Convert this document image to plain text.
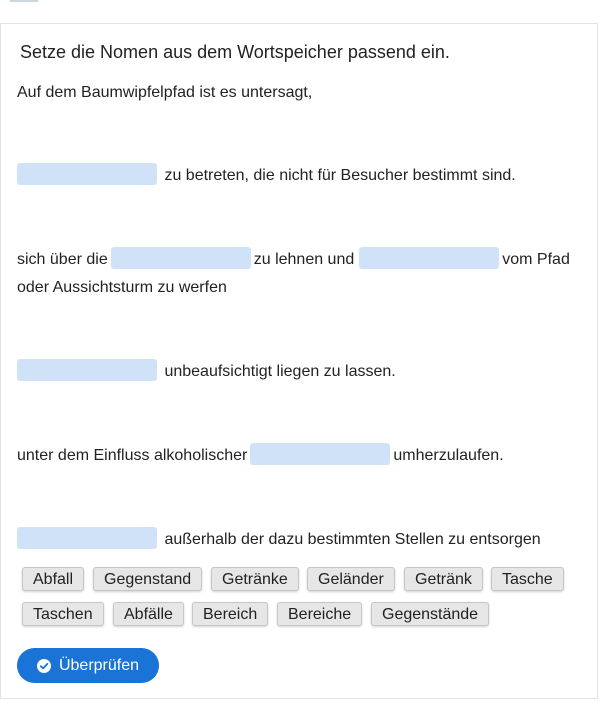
Setze die Nomen aus dem Wortspeicher passend ein.
Auf dem Baumwipfelpfad ist es untersagt,
zu betreten, die nicht für Besucher bestimmt sind.
sich über die	zu lehnen und	vom Pfad
oder Aussichtsturm zu werfen
unbeaufsichtigt liegen zu lassen.
unter dem Einfluss alkoholischer	umherzulaufen.
außerhalb der dazu bestimmten Stellen zu entsorgen
Abfall	Gegenstand	Getränke	Geländer	Getränk	Tasche
Taschen	Abfälle	Bereich	Bereiche	Gegenstände
Überprüfen
